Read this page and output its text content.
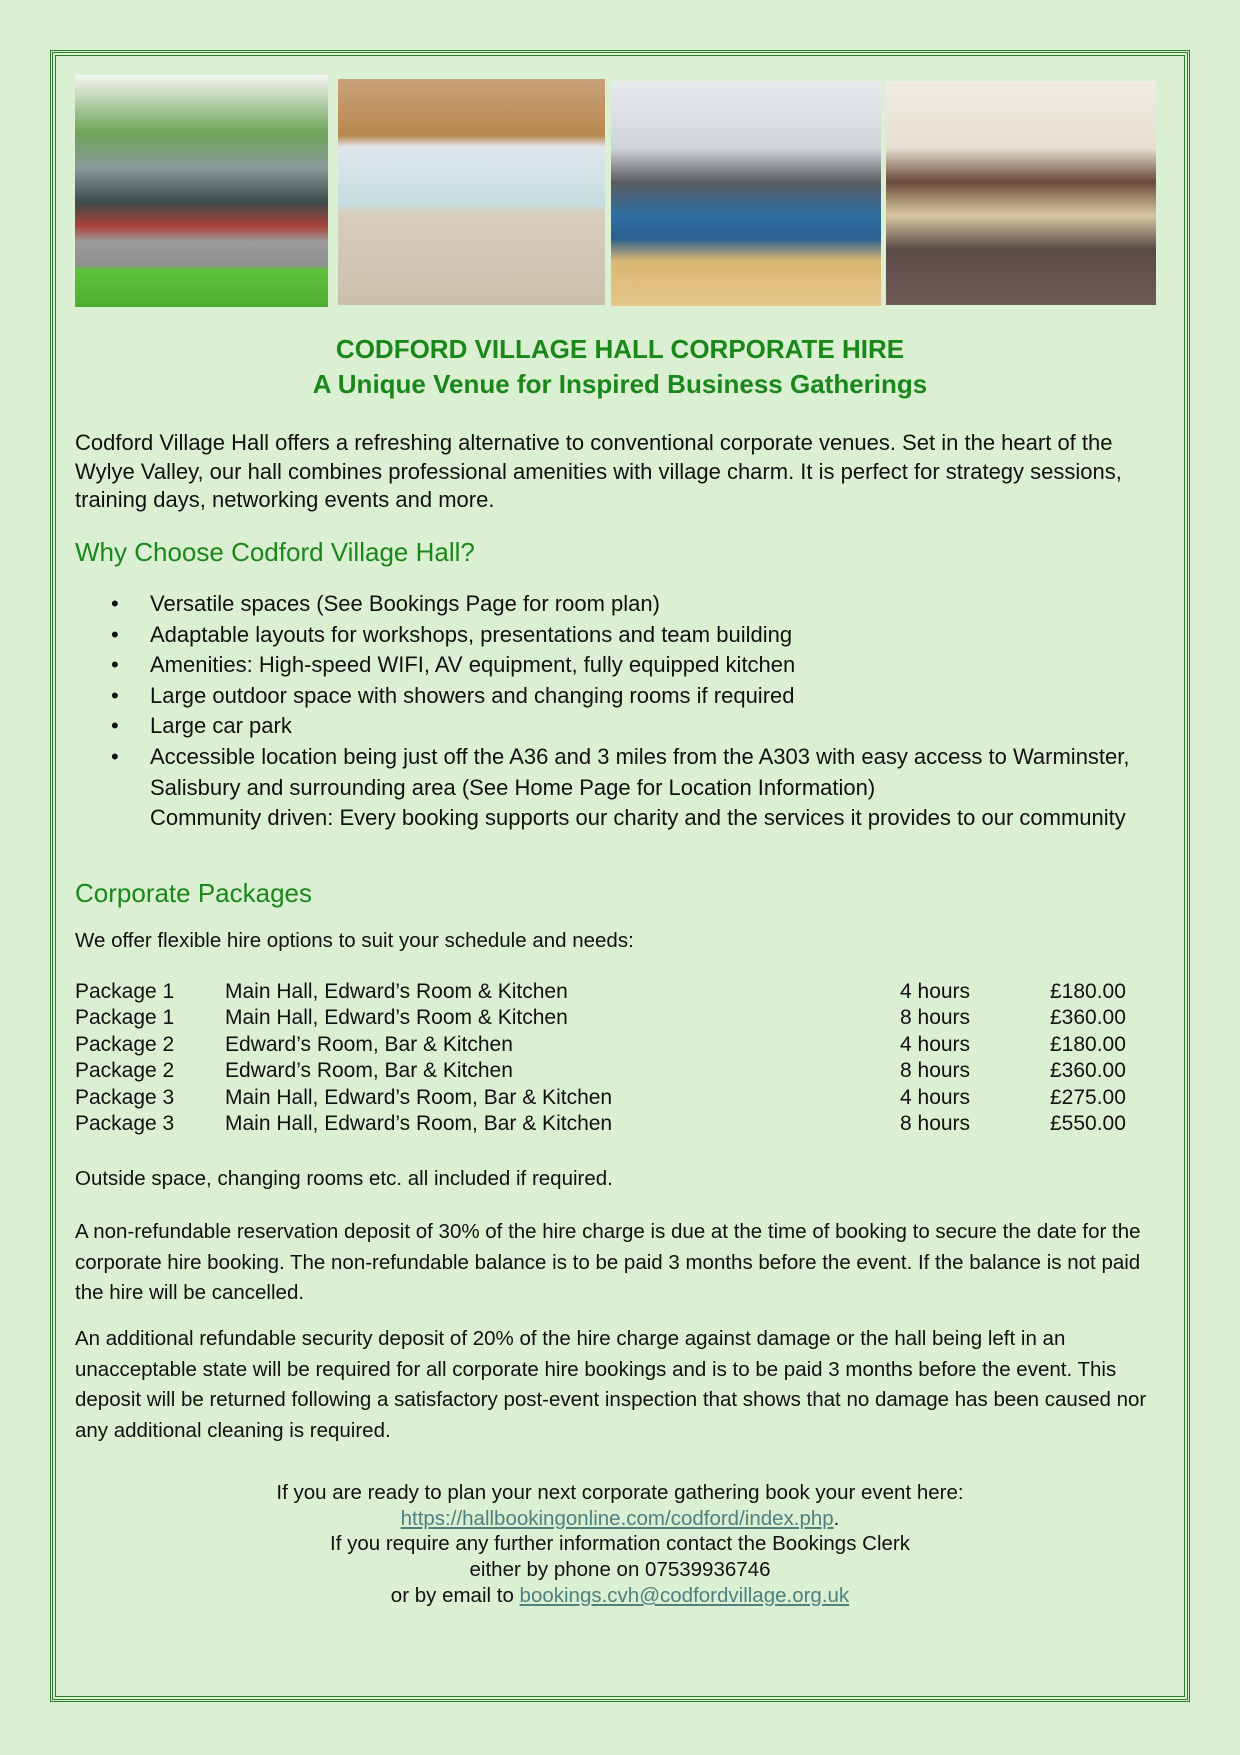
CODFORD VILLAGE HALL CORPORATE HIRE
A Unique Venue for Inspired Business Gatherings
Codford Village Hall offers a refreshing alternative to conventional corporate venues. Set in the heart of the Wylye Valley, our hall combines professional amenities with village charm. It is perfect for strategy sessions, training days, networking events and more.
Why Choose Codford Village Hall?
• Versatile spaces (See Bookings Page for room plan)
• Adaptable layouts for workshops, presentations and team building
• Amenities: High-speed WIFI, AV equipment, fully equipped kitchen
• Large outdoor space with showers and changing rooms if required
• Large car park
• Accessible location being just off the A36 and 3 miles from the A303 with easy access to Warminster, Salisbury and surrounding area (See Home Page for Location Information)
Community driven: Every booking supports our charity and the services it provides to our community
Corporate Packages
We offer flexible hire options to suit your schedule and needs:
Package 1 Main Hall, Edward’s Room & Kitchen	4 hours	£180.00
Package 1 Main Hall, Edward’s Room & Kitchen	8 hours	£360.00
Package 2 Edward’s Room, Bar & Kitchen	4 hours	£180.00
Package 2 Edward’s Room, Bar & Kitchen	8 hours	£360.00
Package 3 Main Hall, Edward’s Room, Bar & Kitchen	4 hours	£275.00
Package 3 Main Hall, Edward’s Room, Bar & Kitchen	8 hours	£550.00
Outside space, changing rooms etc. all included if required.
A non-refundable reservation deposit of 30% of the hire charge is due at the time of booking to secure the date for the corporate hire booking. The non-refundable balance is to be paid 3 months before the event. If the balance is not paid the hire will be cancelled.
An additional refundable security deposit of 20% of the hire charge against damage or the hall being left in an unacceptable state will be required for all corporate hire bookings and is to be paid 3 months before the event. This deposit will be returned following a satisfactory post-event inspection that shows that no damage has been caused nor any additional cleaning is required.
If you are ready to plan your next corporate gathering book your event here:
https://hallbookingonline.com/codford/index.php.
If you require any further information contact the Bookings Clerk
either by phone on 07539936746
or by email to bookings.cvh@codfordvillage.org.uk
